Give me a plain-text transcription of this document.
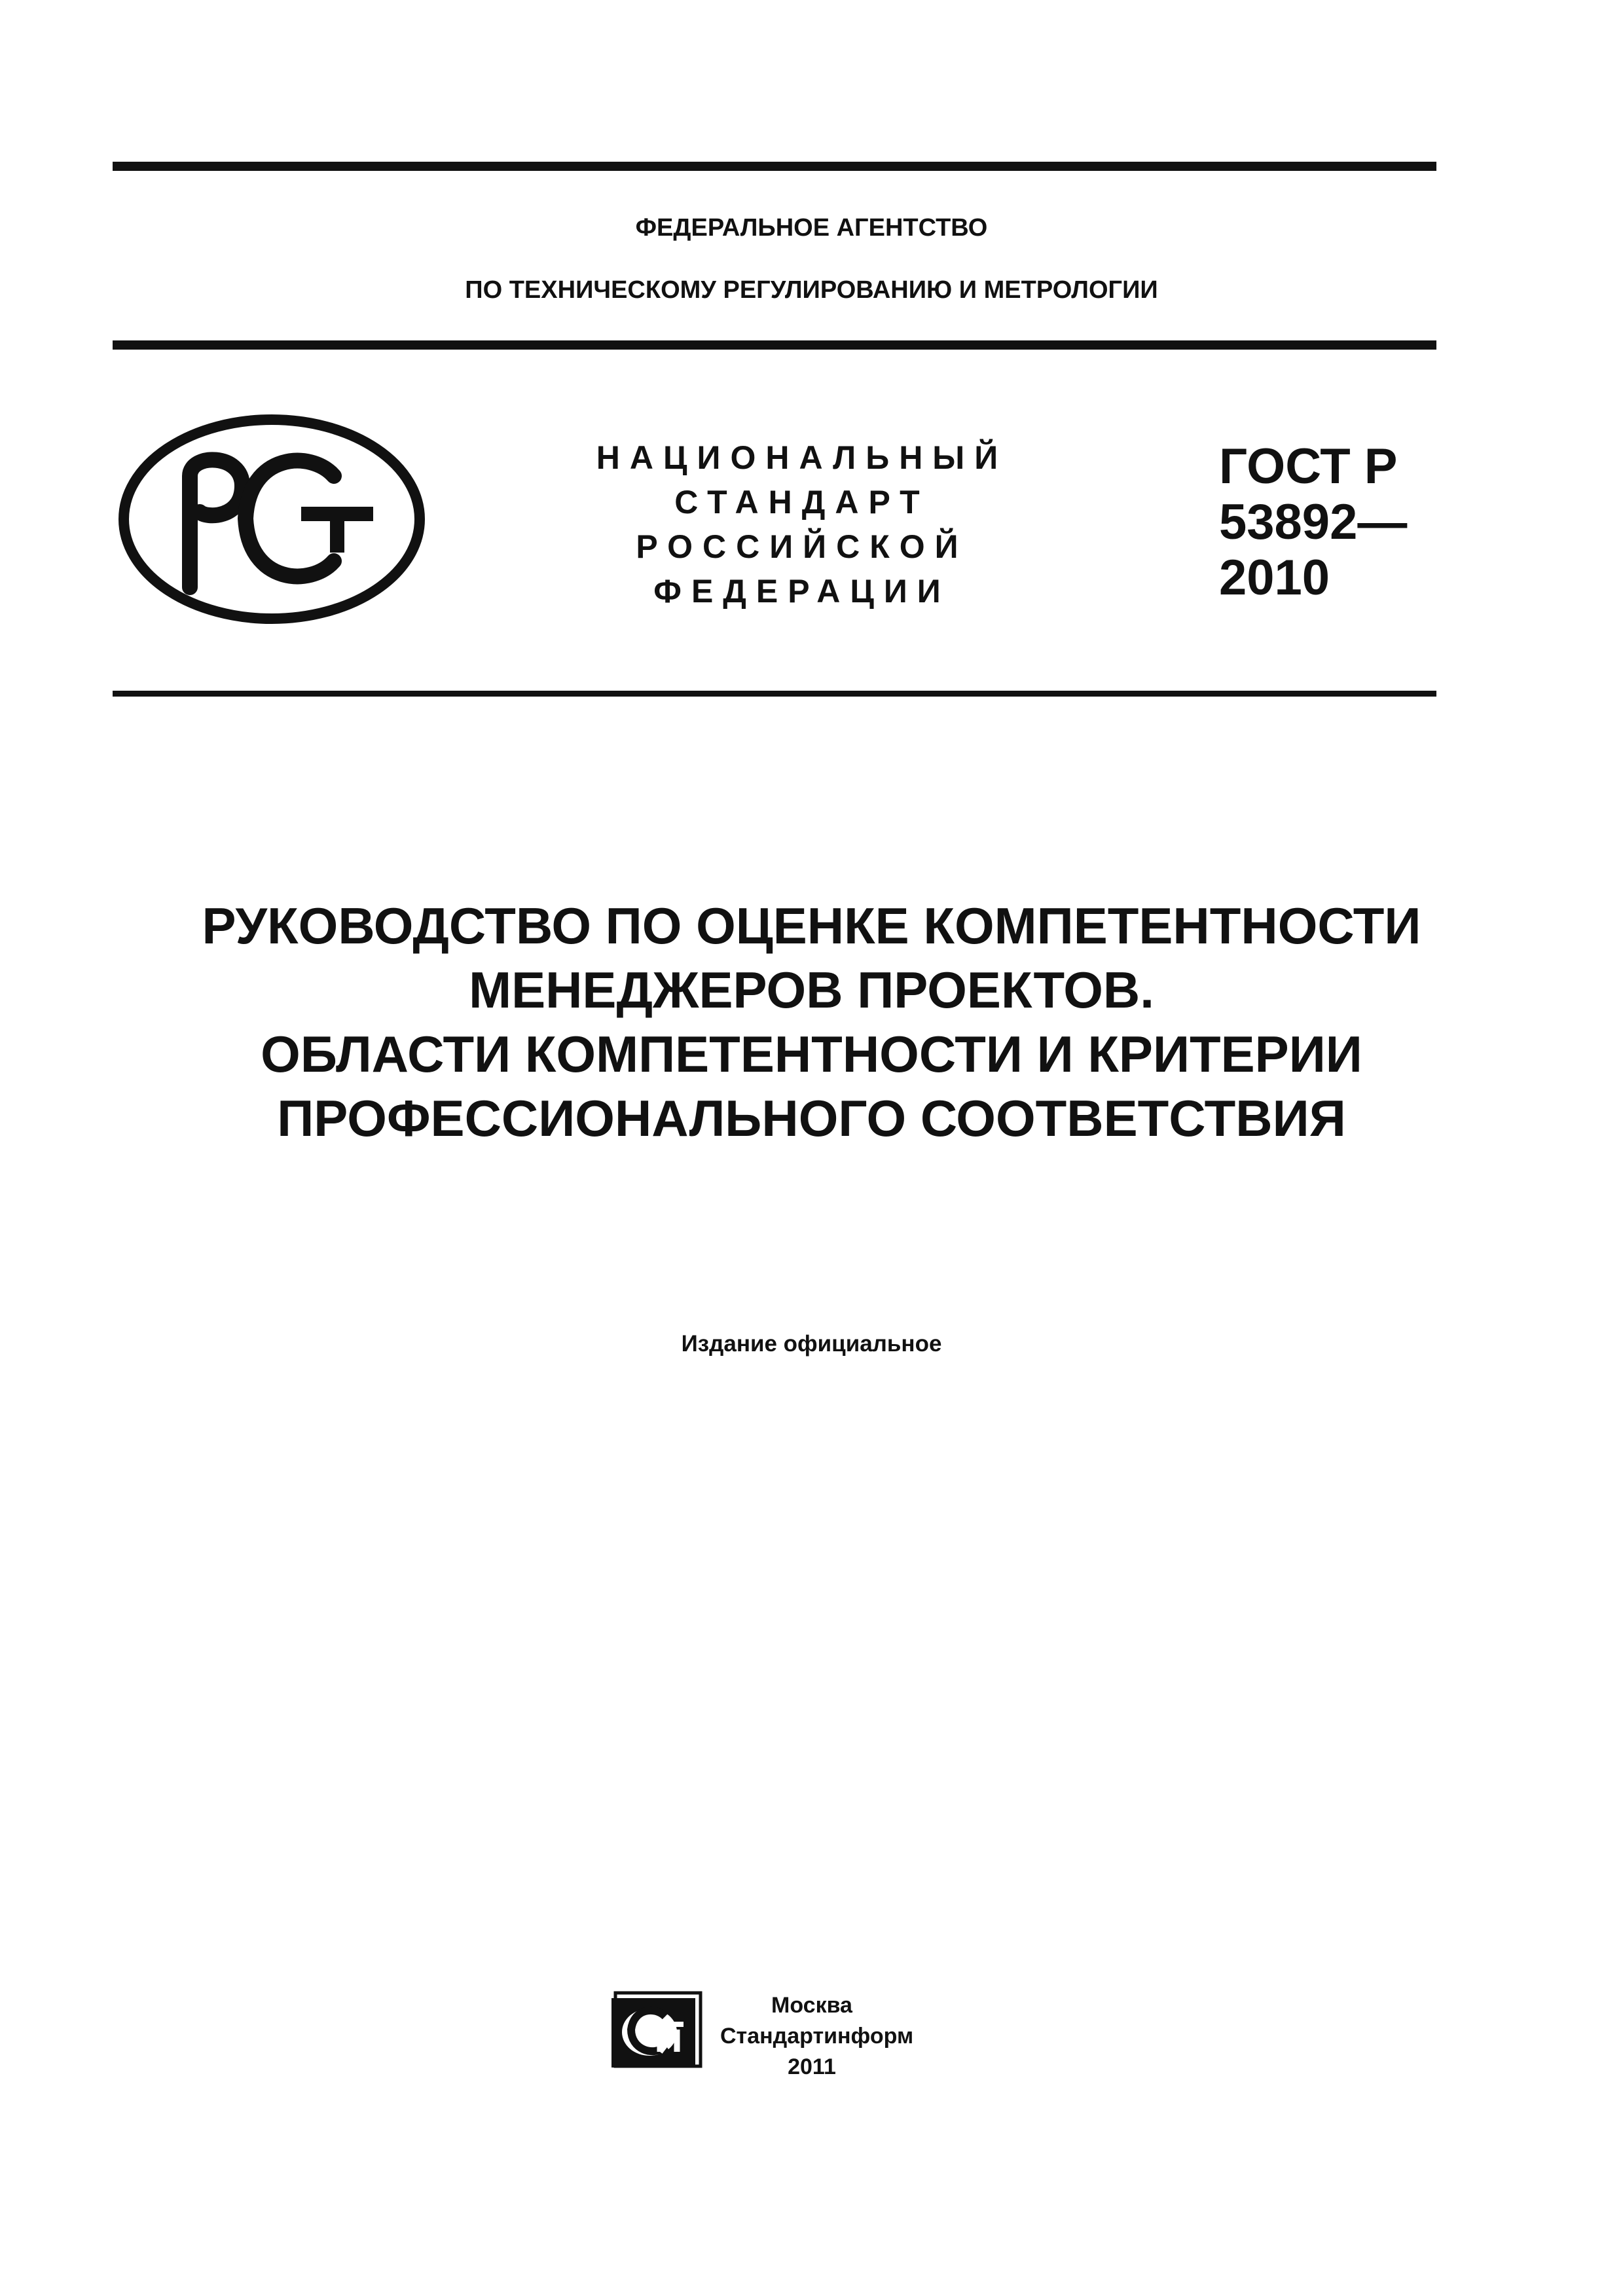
ФЕДЕРАЛЬНОЕ АГЕНТСТВО
ПО ТЕХНИЧЕСКОМУ РЕГУЛИРОВАНИЮ И МЕТРОЛОГИИ
НАЦИОНАЛЬНЫЙ
СТАНДАРТ
РОССИЙСКОЙ
ФЕДЕРАЦИИ
ГОСТ Р
53892—
2010
РУКОВОДСТВО ПО ОЦЕНКЕ КОМПЕТЕНТНОСТИ
МЕНЕДЖЕРОВ ПРОЕКТОВ.
ОБЛАСТИ КОМПЕТЕНТНОСТИ И КРИТЕРИИ
ПРОФЕССИОНАЛЬНОГО СООТВЕТСТВИЯ
Издание официальное
Москва
Стандартинформ
2011
